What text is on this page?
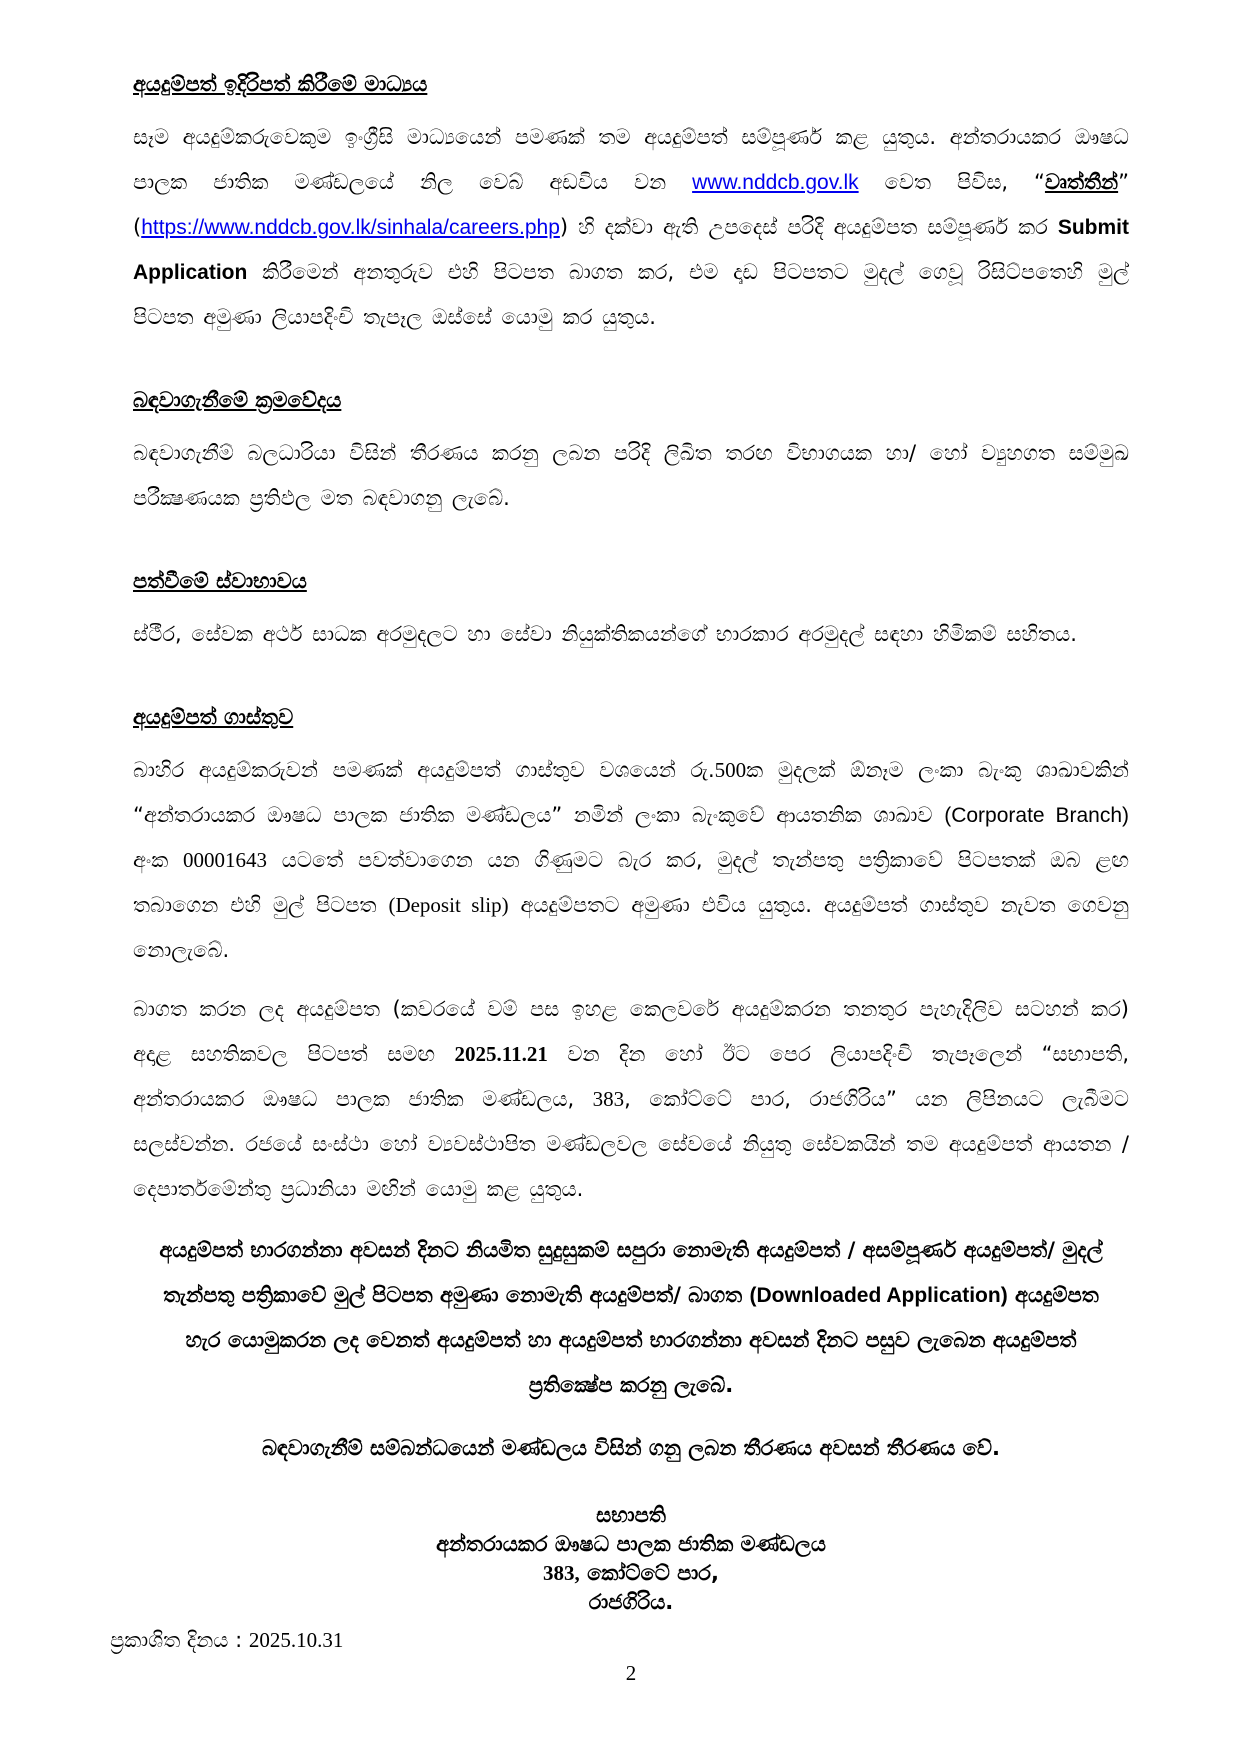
අයදුම්පත් ඉදිරිපත් කිරීමේ මාධ්‍යය
සෑම අයදුම්කරුවෙකුම ඉංග්‍රීසි මාධ්‍යයෙන් පමණක් තම අයදුම්පත් සම්පූර්ණ කළ යුතුය. අන්තරායකර ඖෂධ පාලක ජාතික මණ්ඩලයේ නිල වෙබ් අඩවිය වන www.nddcb.gov.lk වෙත පිවිස, “වෘත්තීන්” (https://www.nddcb.gov.lk/sinhala/careers.php) හි දක්වා ඇති උපදෙස් පරිදි අයදුම්පත සම්පූර්ණ කර Submit Application කිරීමෙන් අනතුරුව එහි පිටපත බාගත කර, එම දෘඩ පිටපතට මුදල් ගෙවූ රිසිට්පතෙහි මුල් පිටපත අමුණා ලියාපදිංචි තැපෑල ඔස්සේ යොමු කර යුතුය.
බඳවාගැනීමේ ක්‍රමවේදය
බඳවාගැනීම් බලධාරියා විසින් තීරණය කරනු ලබන පරිදි ලිඛිත තරඟ විභාගයක හා/ හෝ ව්‍යුහගත සම්මුඛ පරීක්‍ෂණයක ප්‍රතිඵල මත බඳවාගනු ලැබේ.
පත්වීමේ ස්වාභාවය
ස්ථීර, සේවක අර්ථ සාධක අරමුදලට හා සේවා නියුක්තිකයන්ගේ භාරකාර අරමුදල් සඳහා හිමිකම් සහිතය.
අයදුම්පත් ගාස්තුව
බාහිර අයදුම්කරුවන් පමණක් අයදුම්පත් ගාස්තුව වශයෙන් රු.500ක මුදලක් ඕනෑම ලංකා බැංකු ශාඛාවකින් “අන්තරායකර ඖෂධ පාලක ජාතික මණ්ඩලය” නමින් ලංකා බැංකුවේ ආයතනික ශාඛාව (Corporate Branch) අංක 00001643 යටතේ පවත්වාගෙන යන ගිණුමට බැර කර, මුදල් තැන්පතු පත්‍රිකාවේ පිටපතක් ඔබ ළඟ තබාගෙන එහි මුල් පිටපත (Deposit slip) අයදුම්පතට අමුණා එවිය යුතුය. අයදුම්පත් ගාස්තුව නැවත ගෙවනු නොලැබේ.
බාගත කරන ලද අයදුම්පත (කවරයේ වම් පස ඉහළ කෙලවරේ අයදුම්කරන තනතුර පැහැදිලිව සටහන් කර) අදාළ සහතිකවල පිටපත් සමඟ 2025.11.21 වන දින හෝ ඊට පෙර ලියාපදිංචි තැපෑලෙන් “සභාපති, අන්තරායකර ඖෂධ පාලක ජාතික මණ්ඩලය, 383, කෝට්ටේ පාර, රාජගිරිය” යන ලිපිනයට ලැබීමට සලස්වන්න. රජයේ සංස්ථා හෝ ව්‍යවස්ථාපිත මණ්ඩලවල සේවයේ නියුතු සේවකයින් තම අයදුම්පත් ආයතන /දෙපාර්තමේන්තු ප්‍රධානියා මඟින් යොමු කළ යුතුය.
අයදුම්පත් භාරගන්නා අවසන් දිනට නියමිත සුදුසුකම් සපුරා නොමැති අයදුම්පත් / අසම්පූර්ණ අයදුම්පත්/ මුදල් තැන්පතු පත්‍රිකාවේ මුල් පිටපත අමුණා නොමැති අයදුම්පත්/ බාගත (Downloaded Application) අයදුම්පත හැර යොමුකරන ලද වෙනත් අයදුම්පත් හා අයදුම්පත් භාරගන්නා අවසන් දිනට පසුව ලැබෙන අයදුම්පත් ප්‍රතික්‍ෂේප කරනු ලැබේ.
බඳවාගැනීම් සම්බන්ධයෙන් මණ්ඩලය විසින් ගනු ලබන තීරණය අවසන් තීරණය වේ.
සභාපති
අන්තරායකර ඖෂධ පාලක ජාතික මණ්ඩලය
383, කෝට්ටේ පාර,
රාජගිරිය.
ප්‍රකාශිත දිනය : 2025.10.31
2
